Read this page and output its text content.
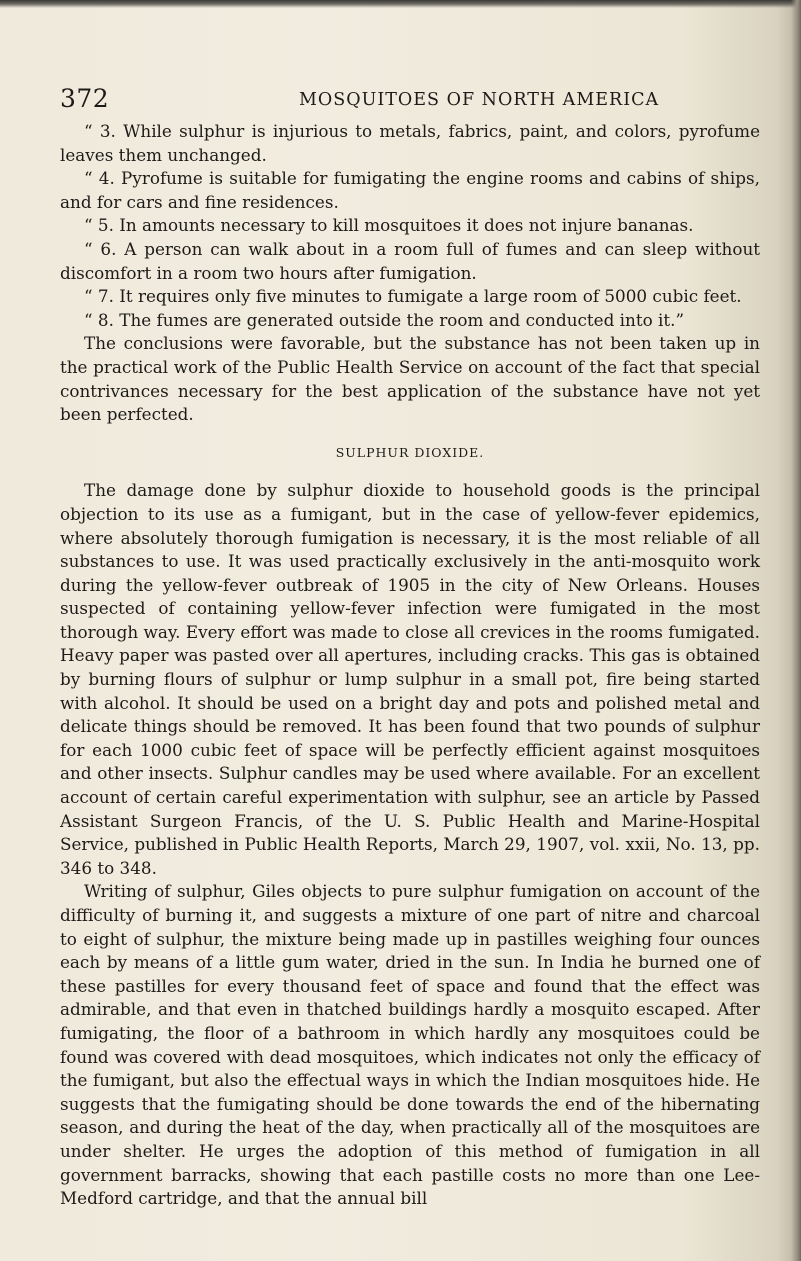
372	MOSQUITOES OF NORTH AMERICA

“ 3. While sulphur is injurious to metals, fabrics, paint, and colors, pyrofume leaves them unchanged.

“ 4. Pyrofume is suitable for fumigating the engine rooms and cabins of ships, and for cars and fine residences.

“ 5. In amounts necessary to kill mosquitoes it does not injure bananas.

“ 6. A person can walk about in a room full of fumes and can sleep without discomfort in a room two hours after fumigation.

“ 7. It requires only five minutes to fumigate a large room of 5000 cubic feet.

“ 8. The fumes are generated outside the room and conducted into it.”

The conclusions were favorable, but the substance has not been taken up in the practical work of the Public Health Service on account of the fact that special contrivances necessary for the best application of the substance have not yet been perfected.

SULPHUR DIOXIDE.

The damage done by sulphur dioxide to household goods is the principal objection to its use as a fumigant, but in the case of yellow-fever epidemics, where absolutely thorough fumigation is necessary, it is the most reliable of all substances to use. It was used practically exclusively in the anti-mosquito work during the yellow-fever outbreak of 1905 in the city of New Orleans. Houses suspected of containing yellow-fever infection were fumigated in the most thorough way. Every effort was made to close all crevices in the rooms fumigated. Heavy paper was pasted over all apertures, including cracks. This gas is obtained by burning flours of sulphur or lump sulphur in a small pot, fire being started with alcohol. It should be used on a bright day and pots and polished metal and delicate things should be removed. It has been found that two pounds of sulphur for each 1000 cubic feet of space will be perfectly efficient against mosquitoes and other insects. Sulphur candles may be used where available. For an excellent account of certain careful experimentation with sulphur, see an article by Passed Assistant Surgeon Francis, of the U. S. Public Health and Marine-Hospital Service, published in Public Health Reports, March 29, 1907, vol. xxii, No. 13, pp. 346 to 348.

Writing of sulphur, Giles objects to pure sulphur fumigation on account of the difficulty of burning it, and suggests a mixture of one part of nitre and charcoal to eight of sulphur, the mixture being made up in pastilles weighing four ounces each by means of a little gum water, dried in the sun. In India he burned one of these pastilles for every thousand feet of space and found that the effect was admirable, and that even in thatched buildings hardly a mosquito escaped. After fumigating, the floor of a bathroom in which hardly any mosquitoes could be found was covered with dead mosquitoes, which indicates not only the efficacy of the fumigant, but also the effectual ways in which the Indian mosquitoes hide. He suggests that the fumigating should be done towards the end of the hibernating season, and during the heat of the day, when practically all of the mosquitoes are under shelter. He urges the adoption of this method of fumigation in all government barracks, showing that each pastille costs no more than one Lee-Medford cartridge, and that the annual bill
